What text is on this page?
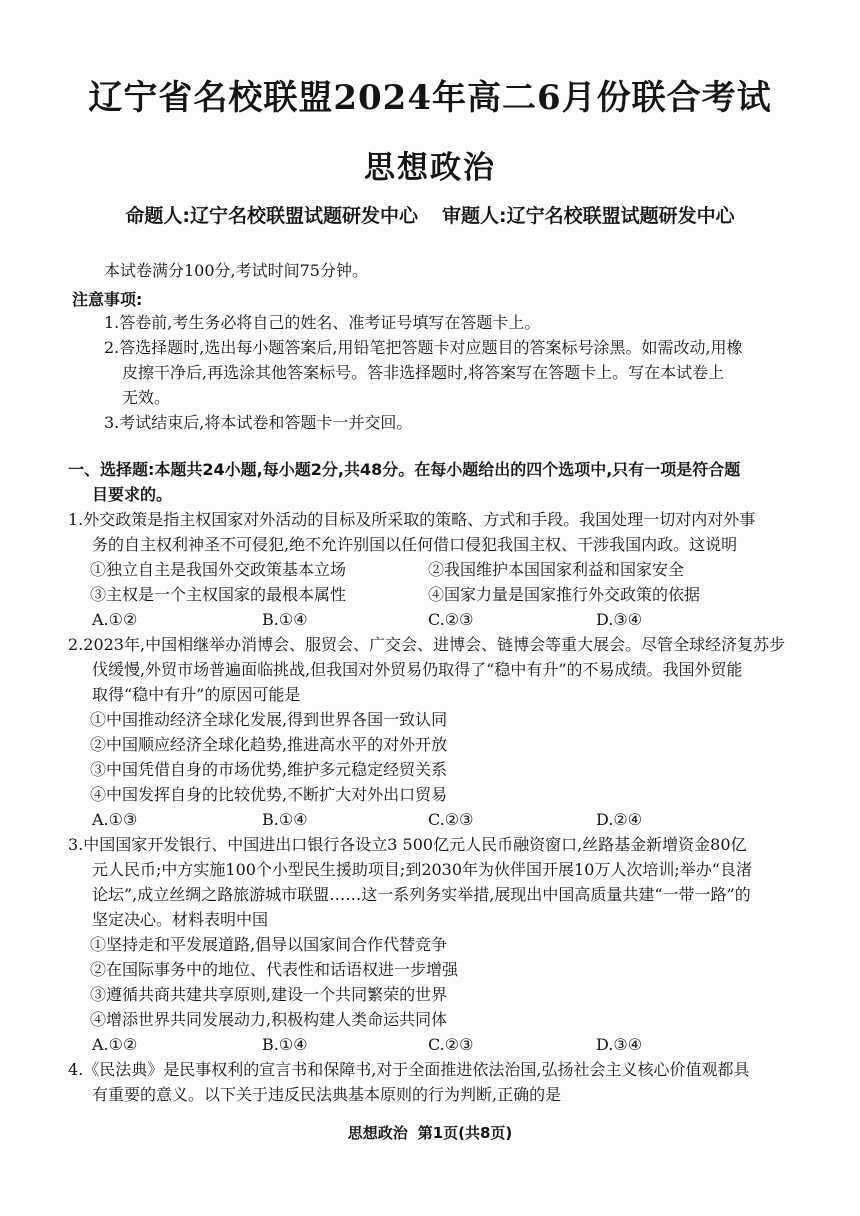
辽宁省名校联盟2024年高二6月份联合考试
思想政治
命题人:辽宁名校联盟试题研发中心 审题人:辽宁名校联盟试题研发中心
本试卷满分100分,考试时间75分钟。
注意事项:
1.答卷前,考生务必将自己的姓名、准考证号填写在答题卡上。
2.答选择题时,选出每小题答案后,用铅笔把答题卡对应题目的答案标号涂黑。如需改动,用橡
皮擦干净后,再选涂其他答案标号。答非选择题时,将答案写在答题卡上。写在本试卷上
无效。
3.考试结束后,将本试卷和答题卡一并交回。
一、选择题:本题共24小题,每小题2分,共48分。在每小题给出的四个选项中,只有一项是符合题
目要求的。
1.外交政策是指主权国家对外活动的目标及所采取的策略、方式和手段。我国处理一切对内对外事
务的自主权利神圣不可侵犯,绝不允许别国以任何借口侵犯我国主权、干涉我国内政。这说明
①独立自主是我国外交政策基本立场	②我国维护本国国家利益和国家安全
③主权是一个主权国家的最根本属性	④国家力量是国家推行外交政策的依据
A.①②	B.①④	C.②③	D.③④
2.2023年,中国相继举办消博会、服贸会、广交会、进博会、链博会等重大展会。尽管全球经济复苏步
伐缓慢,外贸市场普遍面临挑战,但我国对外贸易仍取得了“稳中有升”的不易成绩。我国外贸能
取得“稳中有升”的原因可能是
①中国推动经济全球化发展,得到世界各国一致认同
②中国顺应经济全球化趋势,推进高水平的对外开放
③中国凭借自身的市场优势,维护多元稳定经贸关系
④中国发挥自身的比较优势,不断扩大对外出口贸易
A.①③	B.①④	C.②③	D.②④
3.中国国家开发银行、中国进出口银行各设立3 500亿元人民币融资窗口,丝路基金新增资金80亿
元人民币;中方实施100个小型民生援助项目;到2030年为伙伴国开展10万人次培训;举办“良渚
论坛”,成立丝绸之路旅游城市联盟……这一系列务实举措,展现出中国高质量共建“一带一路”的
坚定决心。材料表明中国
①坚持走和平发展道路,倡导以国家间合作代替竞争
②在国际事务中的地位、代表性和话语权进一步增强
③遵循共商共建共享原则,建设一个共同繁荣的世界
④增添世界共同发展动力,积极构建人类命运共同体
A.①②	B.①④	C.②③	D.③④
4.《民法典》是民事权利的宣言书和保障书,对于全面推进依法治国,弘扬社会主义核心价值观都具
有重要的意义。以下关于违反民法典基本原则的行为判断,正确的是
思想政治 第1页(共8页)
